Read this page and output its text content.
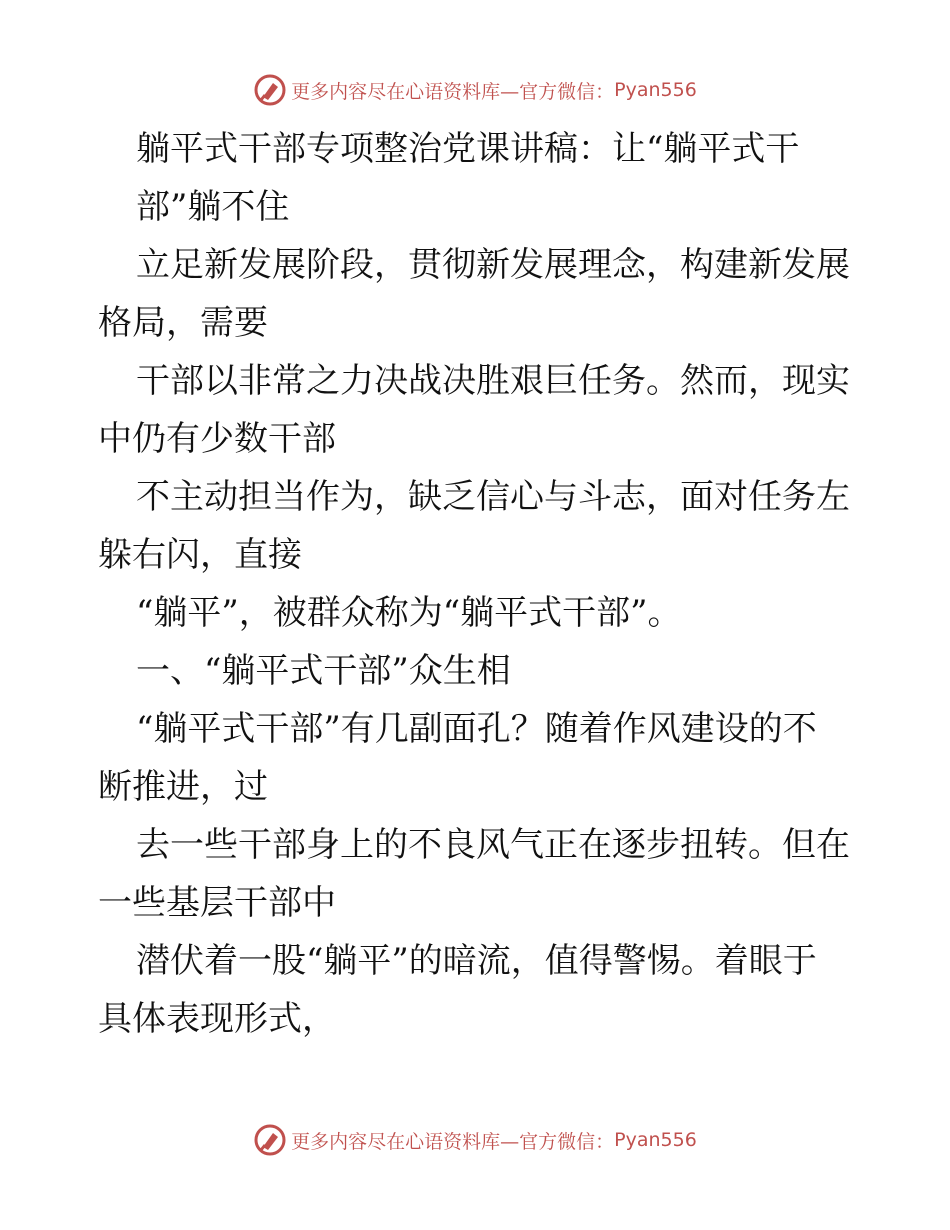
更多内容尽在心语资料库—官方微信： Pyan556
躺平式干部专项整治党课讲稿：让“躺平式干
部”躺不住
立足新发展阶段，贯彻新发展理念，构建新发展
格局，需要
干部以非常之力决战决胜艰巨任务。然而，现实
中仍有少数干部
不主动担当作为，缺乏信心与斗志，面对任务左
躲右闪，直接
“躺平”，被群众称为“躺平式干部”。
一、“躺平式干部”众生相
“躺平式干部”有几副面孔？随着作风建设的不
断推进，过
去一些干部身上的不良风气正在逐步扭转。但在
一些基层干部中
潜伏着一股“躺平”的暗流，值得警惕。着眼于
具体表现形式，
更多内容尽在心语资料库—官方微信： Pyan556
